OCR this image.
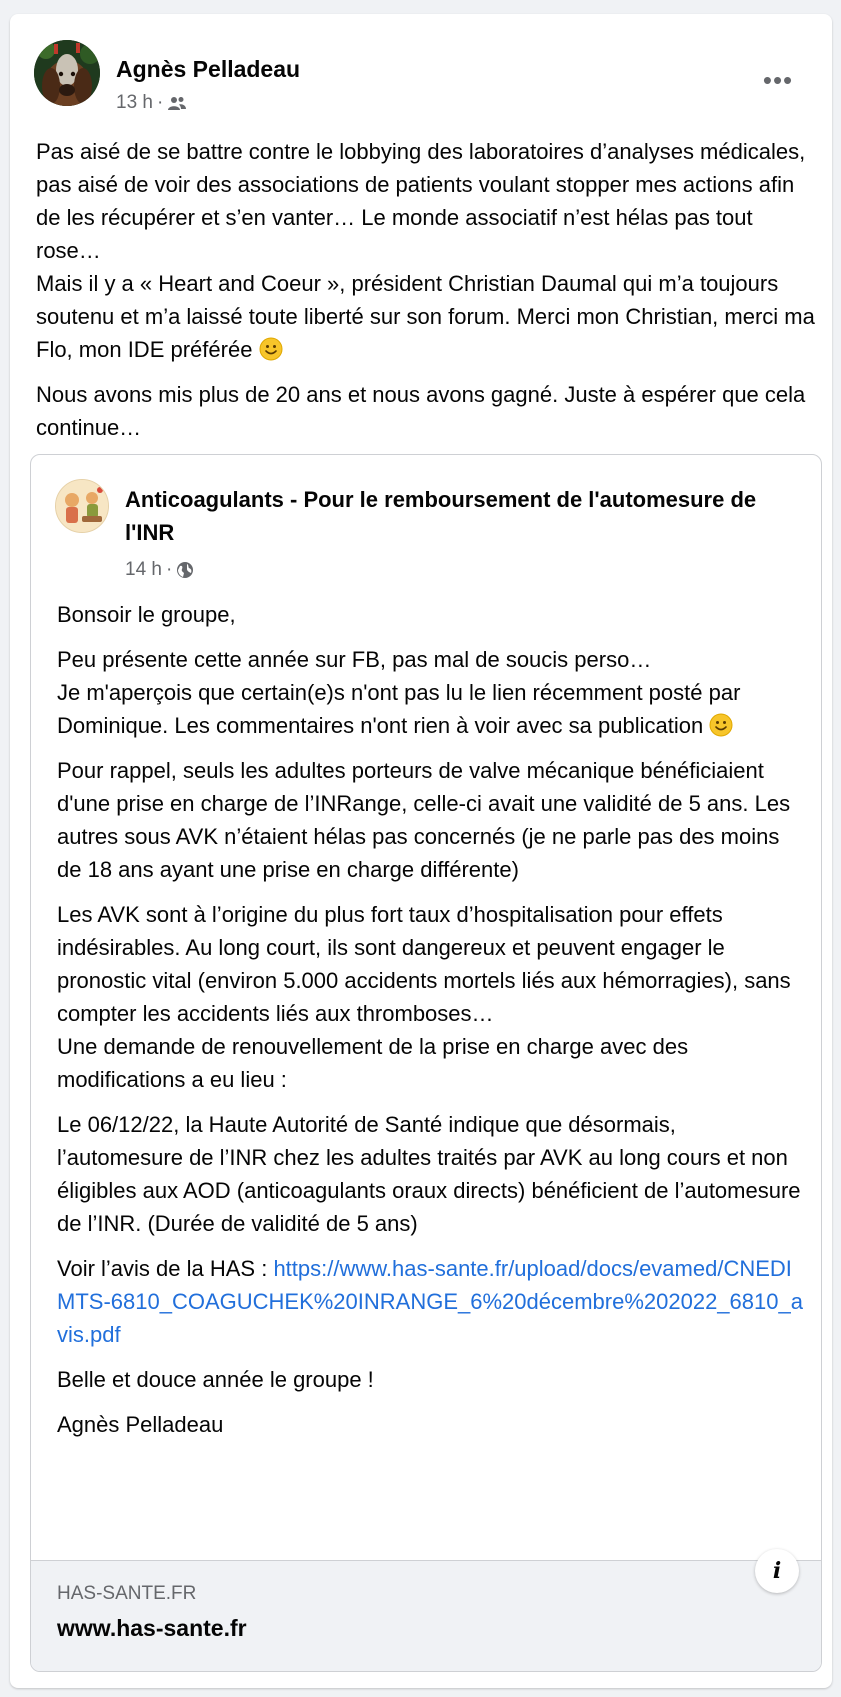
Agnès Pelladeau
13 h ·
•••

Pas aisé de se battre contre le lobbying des laboratoires d’analyses médicales, pas aisé de voir des associations de patients voulant stopper mes actions afin de les récupérer et s’en vanter… Le monde associatif n’est hélas pas tout rose…
Mais il y a « Heart and Coeur », président Christian Daumal qui m’a toujours soutenu et m’a laissé toute liberté sur son forum. Merci mon Christian, merci ma Flo, mon IDE préférée

Nous avons mis plus de 20 ans et nous avons gagné. Juste à espérer que cela continue…

Anticoagulants - Pour le remboursement de l'automesure de l'INR
14 h ·

Bonsoir le groupe,

Peu présente cette année sur FB, pas mal de soucis perso…
Je m'aperçois que certain(e)s n'ont pas lu le lien récemment posté par Dominique. Les commentaires n'ont rien à voir avec sa publication

Pour rappel, seuls les adultes porteurs de valve mécanique bénéficiaient d'une prise en charge de l’INRange, celle-ci avait une validité de 5 ans. Les autres sous AVK n’étaient hélas pas concernés (je ne parle pas des moins de 18 ans ayant une prise en charge différente)

Les AVK sont à l’origine du plus fort taux d’hospitalisation pour effets indésirables. Au long court, ils sont dangereux et peuvent engager le pronostic vital (environ 5.000 accidents mortels liés aux hémorragies), sans compter les accidents liés aux thromboses…
Une demande de renouvellement de la prise en charge avec des modifications a eu lieu :

Le 06/12/22, la Haute Autorité de Santé indique que désormais, l’automesure de l’INR chez les adultes traités par AVK au long cours et non éligibles aux AOD (anticoagulants oraux directs) bénéficient de l’automesure de l’INR. (Durée de validité de 5 ans)

Voir l’avis de la HAS : https://www.has-sante.fr/upload/docs/evamed/CNEDIMTS-6810_COAGUCHEK%20INRANGE_6%20décembre%202022_6810_avis.pdf

Belle et douce année le groupe !

Agnès Pelladeau

i
HAS-SANTE.FR
www.has-sante.fr
